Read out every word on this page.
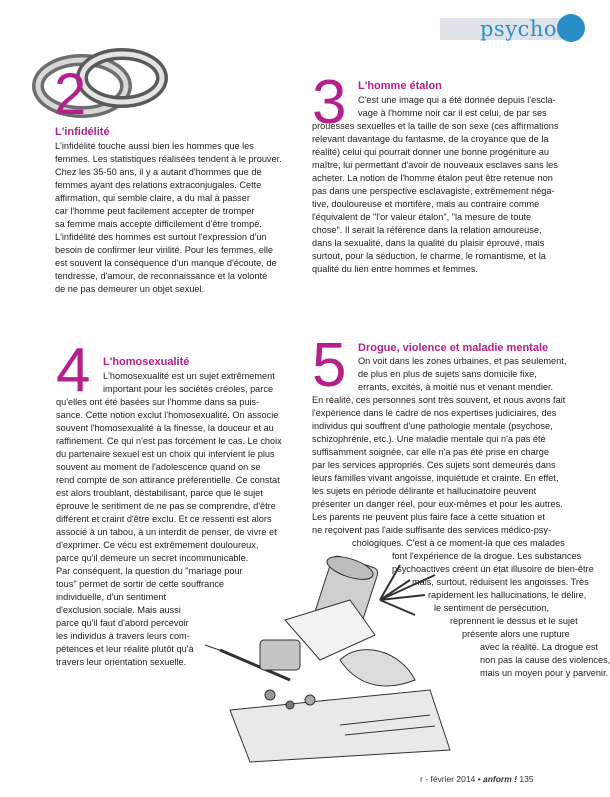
psycho
2
L'infidélité
L'infidélité touche aussi bien les hommes que les
femmes. Les statistiques réalisées tendent à le prouver.
Chez les 35-50 ans, il y a autant d'hommes que de
femmes ayant des relations extraconjugales. Cette
affirmation, qui semble claire, a du mal à passer
car l'homme peut facilement accepter de tromper
sa femme mais accepte difficilement d'être trompé.
L'infidélité des hommes est surtout l'expression d'un
besoin de confirmer leur virilité. Pour les femmes, elle
est souvent la conséquence d'un manque d'écoute, de
tendresse, d'amour, de reconnaissance et la volonté
de ne pas demeurer un objet sexuel.
3 L'homme étalon
C'est une image qui a été donnée depuis l'escla-
vage à l'homme noir car il est celui, de par ses
prouesses sexuelles et la taille de son sexe (ces affirmations
relevant davantage du fantasme, de la croyance que de la
réalité) celui qui pourrait donner une bonne progéniture au
maître, lui permettant d'avoir de nouveaux esclaves sans les
acheter. La notion de l'homme étalon peut être retenue non
pas dans une perspective esclavagiste, extrêmement néga-
tive, douloureuse et mortifère, mais au contraire comme
l'équivalent de "l'or valeur étalon", "la mesure de toute
chose". Il serait la référence dans la relation amoureuse,
dans la sexualité, dans la qualité du plaisir éprouvé, mais
surtout, pour la séduction, le charme, le romantisme, et la
qualité du lien entre hommes et femmes.
4 L'homosexualité
L'homosexualité est un sujet extrêmement
important pour les sociétés créoles, parce
qu'elles ont été basées sur l'homme dans sa puis-
sance. Cette notion exclut l'homosexualité. On associe
souvent l'homosexualité à la finesse, la douceur et au
raffinement. Ce qui n'est pas forcément le cas. Le choix
du partenaire sexuel est un choix qui intervient le plus
souvent au moment de l'adolescence quand on se
rend compte de son attirance préférentielle. Ce constat
est alors troublant, déstabilisant, parce que le sujet
éprouve le sentiment de ne pas se comprendre, d'être
différent et craint d'être exclu. Et ce ressenti est alors
associé à un tabou, à un interdit de penser, de vivre et
d'exprimer. Ce vécu est extrêmement douloureux,
parce qu'il demeure un secret incommunicable.
Par conséquent, la question du "mariage pour
tous" permet de sortir de cette souffrance
individuelle, d'un sentiment
d'exclusion sociale. Mais aussi
parce qu'il faut d'abord percevoir
les individus à travers leurs com-
pétences et leur réalité plutôt qu'à
travers leur orientation sexuelle.
5 Drogue, violence et maladie mentale
On voit dans les zones urbaines, et pas seulement,
de plus en plus de sujets sans domicile fixe,
errants, excités, à moitié nus et venant mendier.
En réalité, ces personnes sont très souvent, et nous avons fait
l'expérience dans le cadre de nos expertises judiciaires, des
individus qui souffrent d'une pathologie mentale (psychose,
schizophrénie, etc.). Une maladie mentale qui n'a pas été
suffisamment soignée, car elle n'a pas été prise en charge
par les services appropriés. Ces sujets sont demeurés dans
leurs familles vivant angoisse, inquiétude et crainte. En effet,
les sujets en période délirante et hallucinatoire peuvent
présenter un danger réel, pour eux-mêmes et pour les autres.
Les parents ne peuvent plus faire face à cette situation et
ne reçoivent pas l'aide suffisante des services médico-psy-
chologiques. C'est à ce moment-là que ces malades
font l'expérience de la drogue. Les substances
psychoactives créent un état illusoire de bien-être
mais, surtout, réduisent les angoisses. Très
rapidement les hallucinations, le délire,
le sentiment de persécution,
reprennent le dessus et le sujet
présente alors une rupture
avec la réalité. La drogue est
non pas la cause des violences,
mais un moyen pour y parvenir.
r - février 2014 • anform ! 135
